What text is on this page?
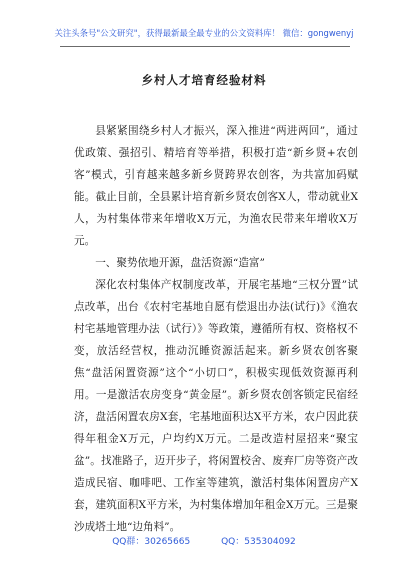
关注头条号"公文研究"，获得最新最全最专业的公文资料库！ 微信：gongwenyj
乡村人才培育经验材料

县紧紧围绕乡村人才振兴，深入推进“两进两回”，通过优政策、强招引、精培育等举措，积极打造“新乡贤+农创客”模式，引育越来越多新乡贤跨界农创客，为共富加码赋能。截止目前，全县累计培育新乡贤农创客X人，带动就业X人，为村集体带来年增收X万元，为渔农民带来年增收X万元。

一、聚势依地开源，盘活资源“造富”

深化农村集体产权制度改革，开展宅基地“三权分置”试点改革，出台《农村宅基地自愿有偿退出办法(试行)》《渔农村宅基地管理办法（试行）》等政策，遵循所有权、资格权不变，放活经营权，推动沉睡资源活起来。新乡贤农创客聚焦“盘活闲置资源”这个“小切口”，积极实现低效资源再利用。一是激活农房变身“黄金屋”。新乡贤农创客锁定民宿经济，盘活闲置农房X套，宅基地面积达X平方米，农户因此获得年租金X万元，户均约X万元。二是改造村屋招来“聚宝盆”。找准路子，迈开步子，将闲置校舍、废弃厂房等资产改造成民宿、咖啡吧、工作室等建筑，激活村集体闲置房产X套，建筑面积X平方米，为村集体增加年租金X万元。三是聚沙成塔土地“边角料”。

QQ群：30265665	QQ：535304092
